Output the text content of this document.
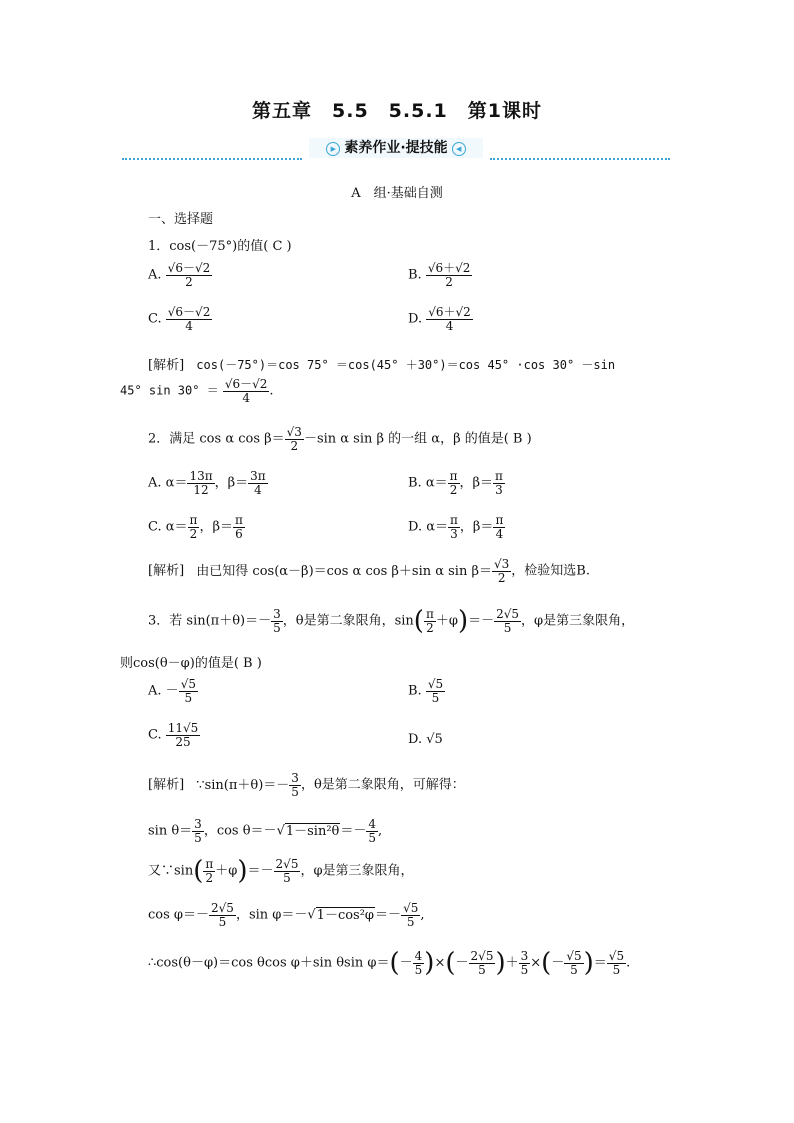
第五章　5.5　5.5.1　第1课时
▶ 素养作业·提技能 ◀
A　组·基础自测
一、选择题
1．cos(－75°)的值( C )
A. $\frac{√6-√2}{2}$	B. $\frac{√6+√2}{2}$
C. $\frac{√6-√2}{4}$	D. $\frac{√6+√2}{4}$
[解析] cos(－75°)＝cos 75° ＝cos(45° ＋30°)＝cos 45° ·cos 30° －sin
45° $\sin 30^\circ = \frac{√6-√2}{4}$ .
2．满足 cos α $\cos \beta= \frac{√3}{2} -\sin$ α sin β 的一组 α，β 的值是( B )
A. $\alpha= \frac{13\pi}{12}$ ，$\beta= \frac{3\pi}{4}$	B. $\alpha= \frac{\pi}{2}$ ，$\beta= \frac{\pi}{3}$
C. $\alpha= \frac{\pi}{2}$ ，$\beta= \frac{\pi}{6}$	D. $\alpha= \frac{\pi}{3}$ ，$\beta= \frac{\pi}{4}$
[解析] 由已知得 cos(α－β)＝cos α cos β＋sin α $\sin \beta= \frac{√3}{2}$ ，检验知选B.
3．若 $\sin(\pi+\theta)=- \frac{3}{5}$ ，θ是第二象限角，$\sin( \frac{\pi}{2} +\varphi)=- \frac{2√5}{5}$ ，φ是第三象限角，
则cos(θ－φ)的值是( B )
A. － $\frac{√5}{5}$	B. $\frac{√5}{5}$
C. $\frac{11√5}{25}$	D. √5
[解析] ∵sin(π＋θ)＝－ $\frac{3}{5}$ ，θ是第二象限角，可解得：
$\sin \theta= \frac{3}{5}$ ，$\cos \theta=-√1-\sin^2\theta=- \frac{4}{5}$ ,
又∵sin( $\frac{\pi}{2} +\varphi)=- \frac{2√5}{5}$ ，φ是第三象限角，
$\cos \varphi=- \frac{2√5}{5}$ ，$\sin \varphi=-√1-\cos^2\varphi=- \frac{√5}{5}$ ,
∴cos(θ－φ)＝cos θcos φ＋sin θsin $\varphi=(- \frac{4}{5}$ )×(－ $\frac{2√5}{5}$ )＋ $\frac{3}{5}$ ×(－ $\frac{√5}{5}$ )＝ $\frac{√5}{5}$ .
